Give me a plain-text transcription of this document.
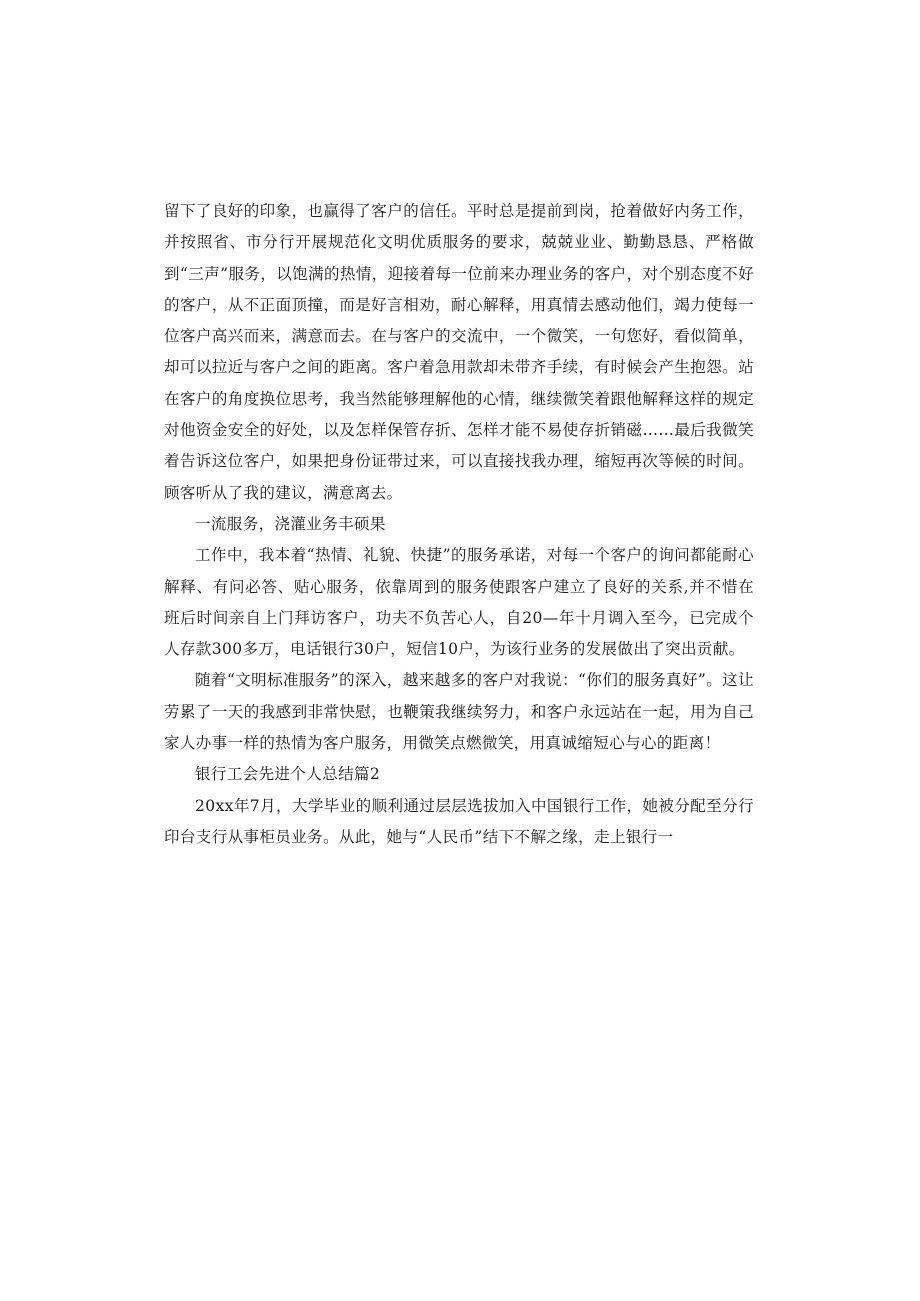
留下了良好的印象，也赢得了客户的信任。平时总是提前到岗，抢着做好内务工作，并按照省、市分行开展规范化文明优质服务的要求，兢兢业业、勤勤恳恳、严格做到“三声”服务，以饱满的热情，迎接着每一位前来办理业务的客户，对个别态度不好的客户，从不正面顶撞，而是好言相劝，耐心解释，用真情去感动他们，竭力使每一位客户高兴而来，满意而去。在与客户的交流中，一个微笑，一句您好，看似简单，却可以拉近与客户之间的距离。客户着急用款却未带齐手续，有时候会产生抱怨。站在客户的角度换位思考，我当然能够理解他的心情，继续微笑着跟他解释这样的规定对他资金安全的好处，以及怎样保管存折、怎样才能不易使存折销磁……最后我微笑着告诉这位客户，如果把身份证带过来，可以直接找我办理，缩短再次等候的时间。顾客听从了我的建议，满意离去。

一流服务，浇灌业务丰硕果

工作中，我本着“热情、礼貌、快捷”的服务承诺，对每一个客户的询问都能耐心解释、有问必答、贴心服务，依靠周到的服务使跟客户建立了良好的关系,并不惜在班后时间亲自上门拜访客户，功夫不负苦心人，自20—年十月调入至今，已完成个人存款300多万，电话银行30户，短信10户，为该行业务的发展做出了突出贡献。

随着“文明标准服务”的深入，越来越多的客户对我说：“你们的服务真好”。这让劳累了一天的我感到非常快慰，也鞭策我继续努力，和客户永远站在一起，用为自己家人办事一样的热情为客户服务，用微笑点燃微笑，用真诚缩短心与心的距离！

银行工会先进个人总结篇2

20xx年7月，大学毕业的顺利通过层层选拔加入中国银行工作，她被分配至分行印台支行从事柜员业务。从此，她与“人民币”结下不解之缘，走上银行一
